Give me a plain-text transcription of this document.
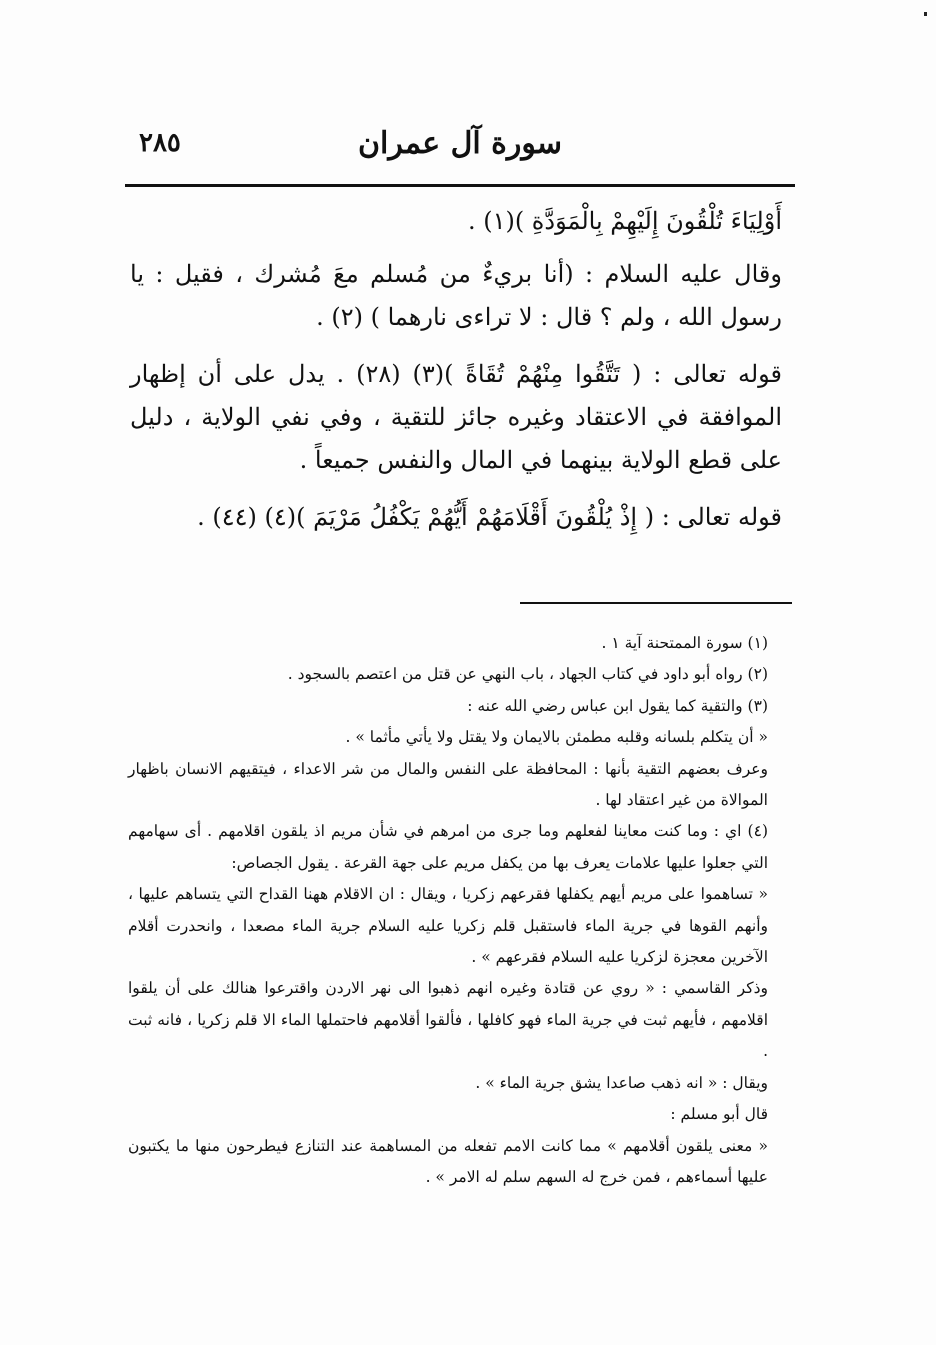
٢٨٥	سورة آل عمران

أَوْلِيَاءَ تُلْقُونَ إِلَيْهِمْ بِالْمَوَدَّةِ )(١) .

وقال عليه السلام : (أنا بريءٌ من مُسلم معَ مُشرك ، فقيل : يا رسول الله ، ولم ؟ قال : لا تراءى نارهما ) (٢) .

قوله تعالى : ( تَتَّقُوا مِنْهُمْ تُقَاةً )(٣) (٢٨) . يدل على أن إظهار الموافقة في الاعتقاد وغيره جائز للتقية ، وفي نفي الولاية ، دليل على قطع الولاية بينهما في المال والنفس جميعاً .

قوله تعالى : ( إِذْ يُلْقُونَ أَقْلَامَهُمْ أَيُّهُمْ يَكْفُلُ مَرْيَمَ )(٤) (٤٤) .

(١) سورة الممتحنة آية ١ .

(٢) رواه أبو داود في كتاب الجهاد ، باب النهي عن قتل من اعتصم بالسجود .

(٣) والتقية كما يقول ابن عباس رضي الله عنه :

« أن يتكلم بلسانه وقلبه مطمئن بالايمان ولا يقتل ولا يأتي مأثما » .

وعرف بعضهم التقية بأنها : المحافظة على النفس والمال من شر الاعداء ، فيتقيهم الانسان باظهار الموالاة من غير اعتقاد لها .

(٤) اي : وما كنت معاينا لفعلهم وما جرى من امرهم في شأن مريم اذ يلقون اقلامهم . أى سهامهم التي جعلوا عليها علامات يعرف بها من يكفل مريم على جهة القرعة . يقول الجصاص:

« تساهموا على مريم أيهم يكفلها فقرعهم زكريا ، ويقال : ان الاقلام ههنا القداح التي يتساهم عليها ، وأنهم القوها في جرية الماء فاستقبل قلم زكريا عليه السلام جرية الماء مصعدا ، وانحدرت أقلام الآخرين معجزة لزكريا عليه السلام فقرعهم » .

وذكر القاسمي : « روي عن قتادة وغيره انهم ذهبوا الى نهر الاردن واقترعوا هنالك على أن يلقوا اقلامهم ، فأيهم ثبت في جرية الماء فهو كافلها ، فألقوا أقلامهم فاحتملها الماء الا قلم زكريا ، فانه ثبت .

ويقال : « انه ذهب صاعدا يشق جرية الماء » .

قال أبو مسلم :

« معنى يلقون أقلامهم » مما كانت الامم تفعله من المساهمة عند التنازع فيطرحون منها ما يكتبون عليها أسماءهم ، فمن خرج له السهم سلم له الامر » .
